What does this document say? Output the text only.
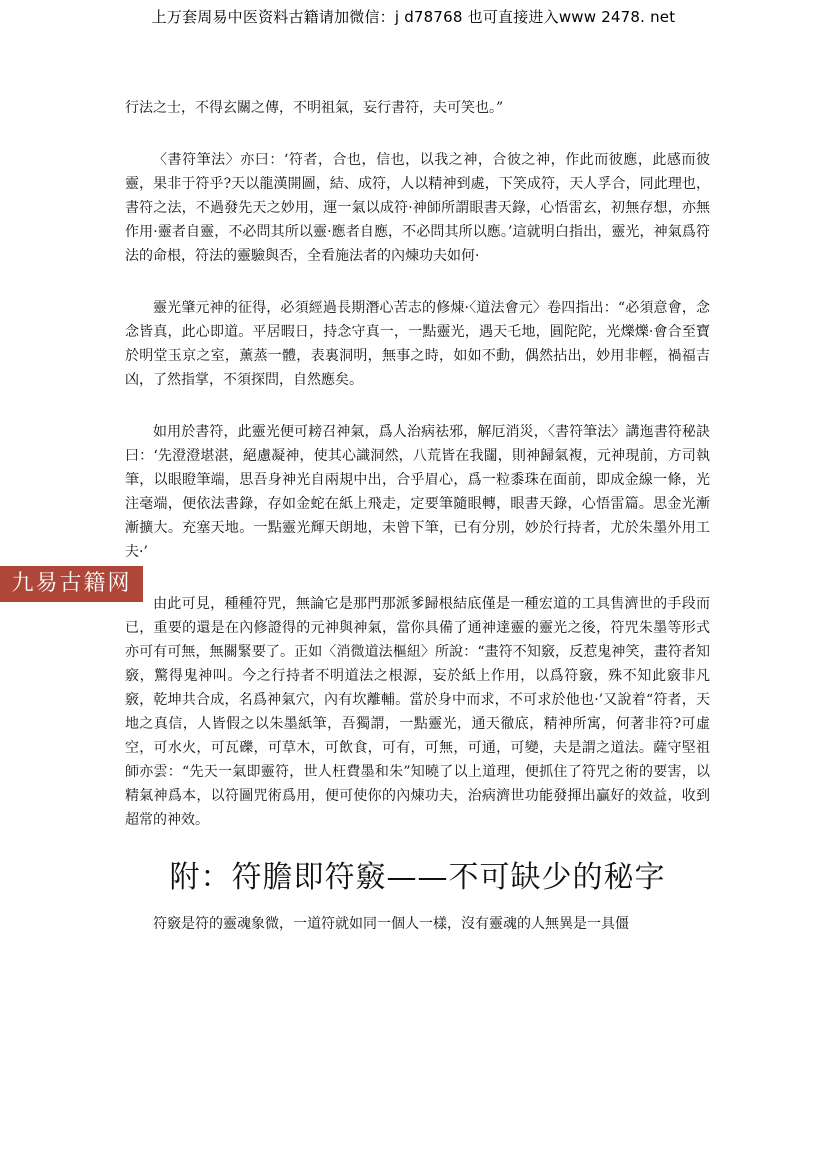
上万套周易中医资料古籍请加微信：j d78768 也可直接进入www 2478. net

行法之士，不得玄關之傳，不明祖氣，妄行書符，夫可笑也。”

〈書符筆法〉亦曰：‘符者，合也，信也，以我之神，合彼之神，作此而彼應，此感而彼靈，果非于符乎?天以龍漢開圖，結、成符，人以精神到處，下笑成符，天人孚合，同此理也，書符之法，不過發先天之妙用，運一氣以成符·神師所謂眼書天錄，心悟雷玄，初無存想，亦無作用·靈者自靈，不必問其所以靈·應者自應，不必問其所以應。’這就明白指出，靈光，神氣爲符法的命根，符法的靈驗與否，全看施法者的內煉功夫如何·

靈光肇元神的征得，必須經過長期潛心苦志的修煉·〈道法會元〉卷四指出：“必須意會，念念皆真，此心即道。平居暇日，持念守真一，一點靈光，遇天乇地，圓陀陀，光爍爍·會合至寶於明堂玉京之室，薰蒸一體，表裏洞明，無事之時，如如不動，偶然拈出，妙用非輕，禍福吉凶，了然指掌，不須探問，自然應矣。

如用於書符，此靈光便可耪召神氣，爲人治病祛邪，解厄消災，〈書符筆法〉講迤書符秘訣曰：‘先澄澄堪湛，絕慮凝神，使其心識洞然，八荒皆在我闥，則神歸氣複，元神現前，方司執筆，以眼瞪筆端，思吾身神光自兩規中出，合乎眉心，爲一粒黍珠在面前，即成金線一條，光注毫端，便依法書錄，存如金蛇在紙上飛走，定要筆隨眼轉，眼書天錄，心悟雷篇。思金光漸漸擴大。充塞天地。一點靈光輝天朗地，未曾下筆，已有分別，妙於行持者，尤於朱墨外用工夫·’

由此可見，種種符咒，無論它是那門那派爹歸根結底僅是一種宏道的工具售濟世的手段而已，重要的還是在內修證得的元神與神氣，當你具備了通神達靈的靈光之後，符咒朱墨等形式亦可有可無，無關緊要了。正如〈消微道法樞紐〉所說：“畫符不知竅，反惹鬼神笑，畫符者知竅，驚得鬼神叫。今之行持者不明道法之根源，妄於紙上作用，以爲符竅，殊不知此竅非凡竅，乾坤共合成，名爲神氣穴，內有坎離輔。當於身中而求，不可求於他也·’又說着“符者，天地之真信，人皆假之以朱墨紙筆，吾獨謂，一點靈光，通天徹底，精神所寓，何著非符?可虛空，可水火，可瓦礫，可草木，可飲食，可有，可無，可通，可變，夫是謂之道法。薩守堅祖師亦雲：“先天一氣即靈符，世人枉費墨和朱”知曉了以上道理，便抓住了符咒之術的要害，以精氣神爲本，以符圖咒術爲用，便可使你的內煉功夫，治病濟世功能發揮出贏好的效益，收到超常的神效。

附：符膽即符竅——不可缺少的秘字

符竅是符的靈魂象微，一道符就如同一個人一樣，沒有靈魂的人無異是一具僵

九易古籍网
